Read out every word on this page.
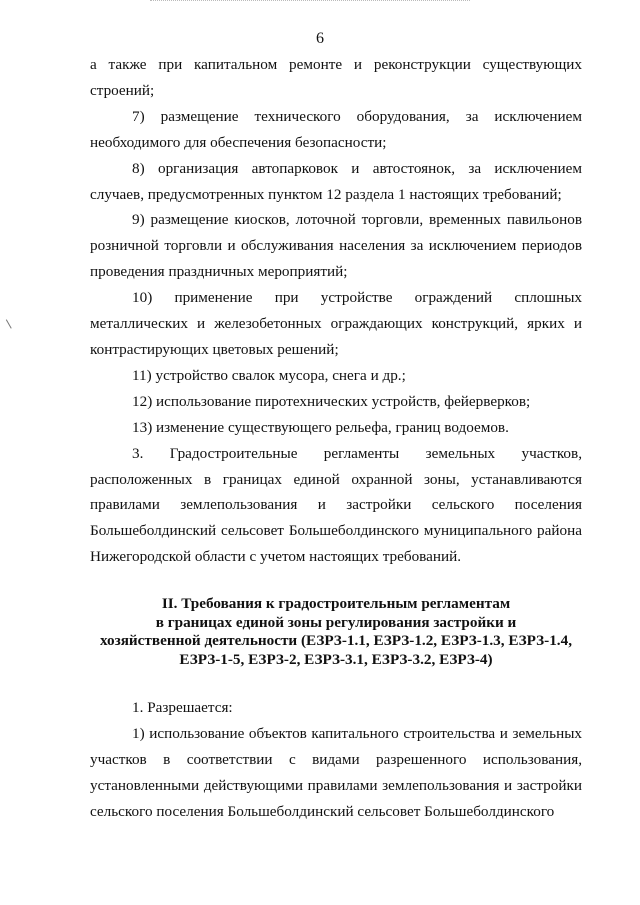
6

а также при капитальном ремонте и реконструкции существующих строений;

7) размещение технического оборудования, за исключением необходимого для обеспечения безопасности;

8) организация автопарковок и автостоянок, за исключением случаев, предусмотренных пунктом 12 раздела 1 настоящих требований;

9) размещение киосков, лоточной торговли, временных павильонов розничной торговли и обслуживания населения за исключением периодов проведения праздничных мероприятий;

10) применение при устройстве ограждений сплошных металлических и железобетонных ограждающих конструкций, ярких и контрастирующих цветовых решений;

11) устройство свалок мусора, снега и др.;

12) использование пиротехнических устройств, фейерверков;

13) изменение существующего рельефа, границ водоемов.

3. Градостроительные регламенты земельных участков, расположенных в границах единой охранной зоны, устанавливаются правилами землепользования и застройки сельского поселения Большеболдинский сельсовет Большеболдинского муниципального района Нижегородской области с учетом настоящих требований.

II. Требования к градостроительным регламентам
в границах единой зоны регулирования застройки и
хозяйственной деятельности (ЕЗРЗ-1.1, ЕЗРЗ-1.2, ЕЗРЗ-1.3, ЕЗРЗ-1.4,
ЕЗРЗ-1-5, ЕЗРЗ-2, ЕЗРЗ-3.1, ЕЗРЗ-3.2, ЕЗРЗ-4)

1. Разрешается:

1) использование объектов капитального строительства и земельных участков в соответствии с видами разрешенного использования, установленными действующими правилами землепользования и застройки сельского поселения Большеболдинский сельсовет Большеболдинского
